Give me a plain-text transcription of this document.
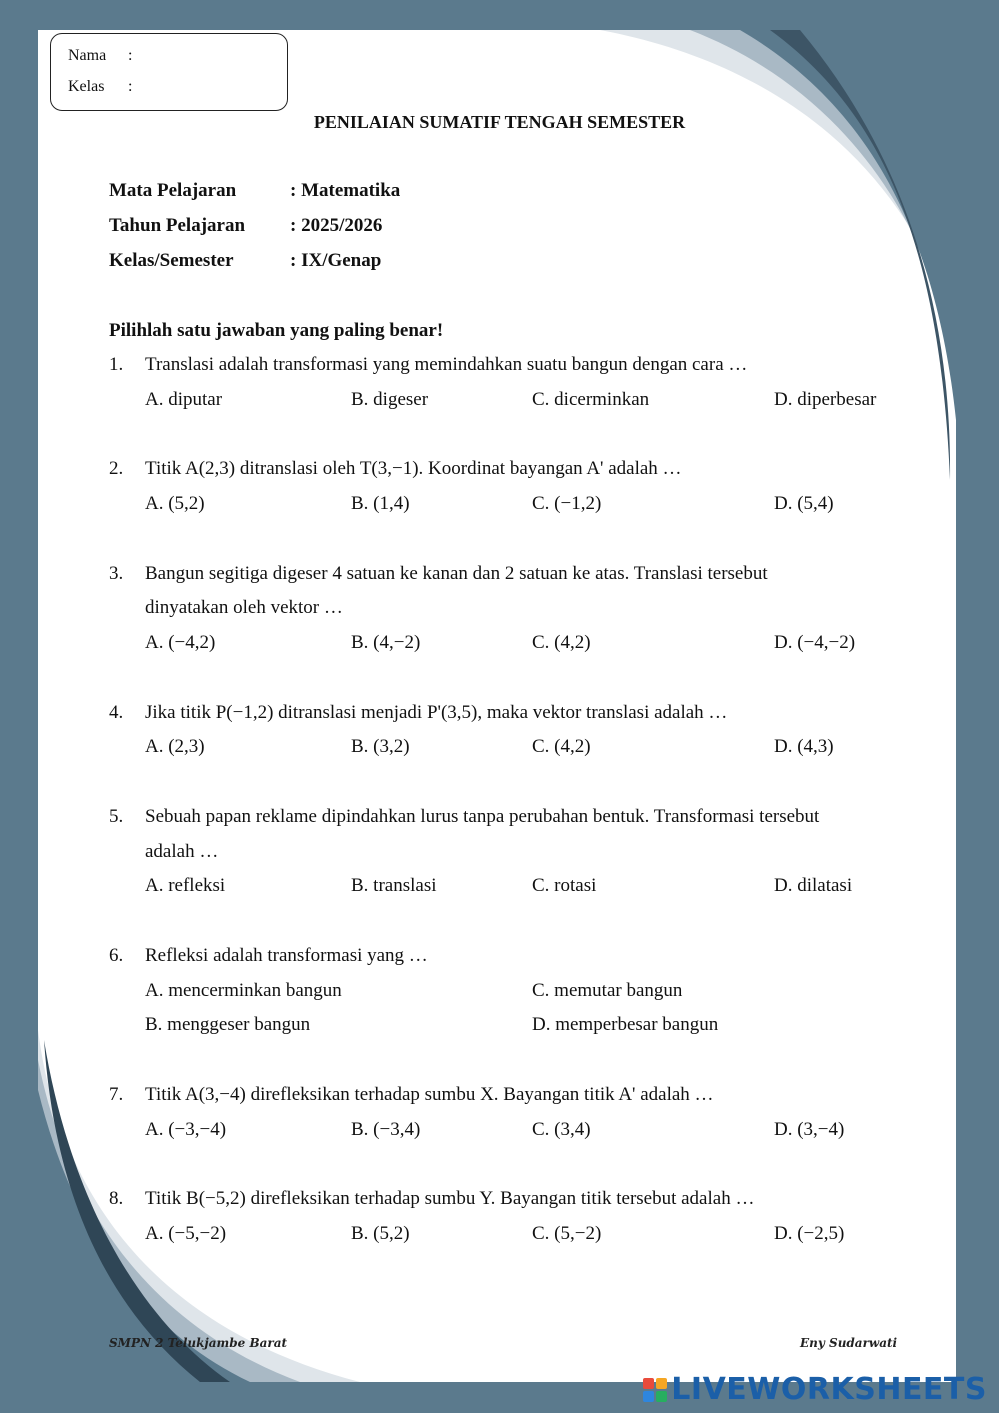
Nama :
Kelas :
PENILAIAN SUMATIF TENGAH SEMESTER
Mata Pelajaran	: Matematika
Tahun Pelajaran : 2025/2026
Kelas/Semester	: IX/Genap
Pilihlah satu jawaban yang paling benar!
1. Translasi adalah transformasi yang memindahkan suatu bangun dengan cara …
A. diputar	B. digeser	C. dicerminkan	D. diperbesar
2. Titik A(2,3) ditranslasi oleh T(3,−1). Koordinat bayangan A' adalah …
A. (5,2)	B. (1,4)	C. (−1,2)	D. (5,4)
3. Bangun segitiga digeser 4 satuan ke kanan dan 2 satuan ke atas. Translasi tersebut
dinyatakan oleh vektor …
A. (−4,2)	B. (4,−2)	C. (4,2)	D. (−4,−2)
4. Jika titik P(−1,2) ditranslasi menjadi P'(3,5), maka vektor translasi adalah …
A. (2,3)	B. (3,2)	C. (4,2)	D. (4,3)
5. Sebuah papan reklame dipindahkan lurus tanpa perubahan bentuk. Transformasi tersebut
adalah …
A. refleksi	B. translasi	C. rotasi	D. dilatasi
6. Refleksi adalah transformasi yang …
A. mencerminkan bangun	C. memutar bangun
B. menggeser bangun	D. memperbesar bangun
7. Titik A(3,−4) direfleksikan terhadap sumbu X. Bayangan titik A' adalah …
A. (−3,−4)	B. (−3,4)	C. (3,4)	D. (3,−4)
8. Titik B(−5,2) direfleksikan terhadap sumbu Y. Bayangan titik tersebut adalah …
A. (−5,−2)	B. (5,2)	C. (5,−2)	D. (−2,5)
SMPN 2 Telukjambe Barat	Eny Sudarwati
LIVEWORKSHEETS
